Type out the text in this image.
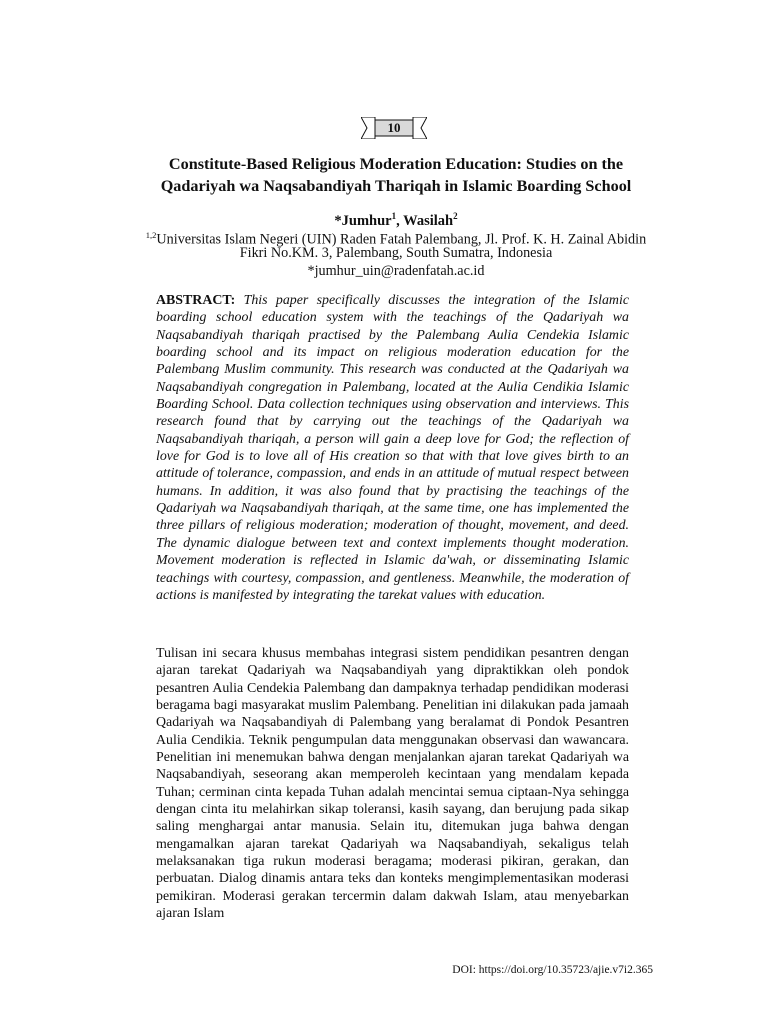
10
Constitute-Based Religious Moderation Education: Studies on the
Qadariyah wa Naqsabandiyah Thariqah in Islamic Boarding School
*Jumhur$^1$, Wasilah$^2$
$^{1,2}$Universitas Islam Negeri (UIN) Raden Fatah Palembang, Jl. Prof. K. H. Zainal Abidin
Fikri No.KM. 3, Palembang, South Sumatra, Indonesia
*jumhur_uin@radenfatah.ac.id
ABSTRACT: This paper specifically discusses the integration of the Islamic boarding school education system with the teachings of the Qadariyah wa Naqsabandiyah thariqah practised by the Palembang Aulia Cendekia Islamic boarding school and its impact on religious moderation education for the Palembang Muslim community. This research was conducted at the Qadariyah wa Naqsabandiyah congregation in Palembang, located at the Aulia Cendikia Islamic Boarding School. Data collection techniques using observation and interviews. This research found that by carrying out the teachings of the Qadariyah wa Naqsabandiyah thariqah, a person will gain a deep love for God; the reflection of love for God is to love all of His creation so that with that love gives birth to an attitude of tolerance, compassion, and ends in an attitude of mutual respect between humans. In addition, it was also found that by practising the teachings of the Qadariyah wa Naqsabandiyah thariqah, at the same time, one has implemented the three pillars of religious moderation; moderation of thought, movement, and deed. The dynamic dialogue between text and context implements thought moderation. Movement moderation is reflected in Islamic da'wah, or disseminating Islamic teachings with courtesy, compassion, and gentleness. Meanwhile, the moderation of actions is manifested by integrating the tarekat values with education.
Tulisan ini secara khusus membahas integrasi sistem pendidikan pesantren dengan ajaran tarekat Qadariyah wa Naqsabandiyah yang dipraktikkan oleh pondok pesantren Aulia Cendekia Palembang dan dampaknya terhadap pendidikan moderasi beragama bagi masyarakat muslim Palembang. Penelitian ini dilakukan pada jamaah Qadariyah wa Naqsabandiyah di Palembang yang beralamat di Pondok Pesantren Aulia Cendikia. Teknik pengumpulan data menggunakan observasi dan wawancara. Penelitian ini menemukan bahwa dengan menjalankan ajaran tarekat Qadariyah wa Naqsabandiyah, seseorang akan memperoleh kecintaan yang mendalam kepada Tuhan; cerminan cinta kepada Tuhan adalah mencintai semua ciptaan-Nya sehingga dengan cinta itu melahirkan sikap toleransi, kasih sayang, dan berujung pada sikap saling menghargai antar manusia. Selain itu, ditemukan juga bahwa dengan mengamalkan ajaran tarekat Qadariyah wa Naqsabandiyah, sekaligus telah melaksanakan tiga rukun moderasi beragama; moderasi pikiran, gerakan, dan perbuatan. Dialog dinamis antara teks dan konteks mengimplementasikan moderasi pemikiran. Moderasi gerakan tercermin dalam dakwah Islam, atau menyebarkan ajaran Islam
DOI: https://doi.org/10.35723/ajie.v7i2.365
